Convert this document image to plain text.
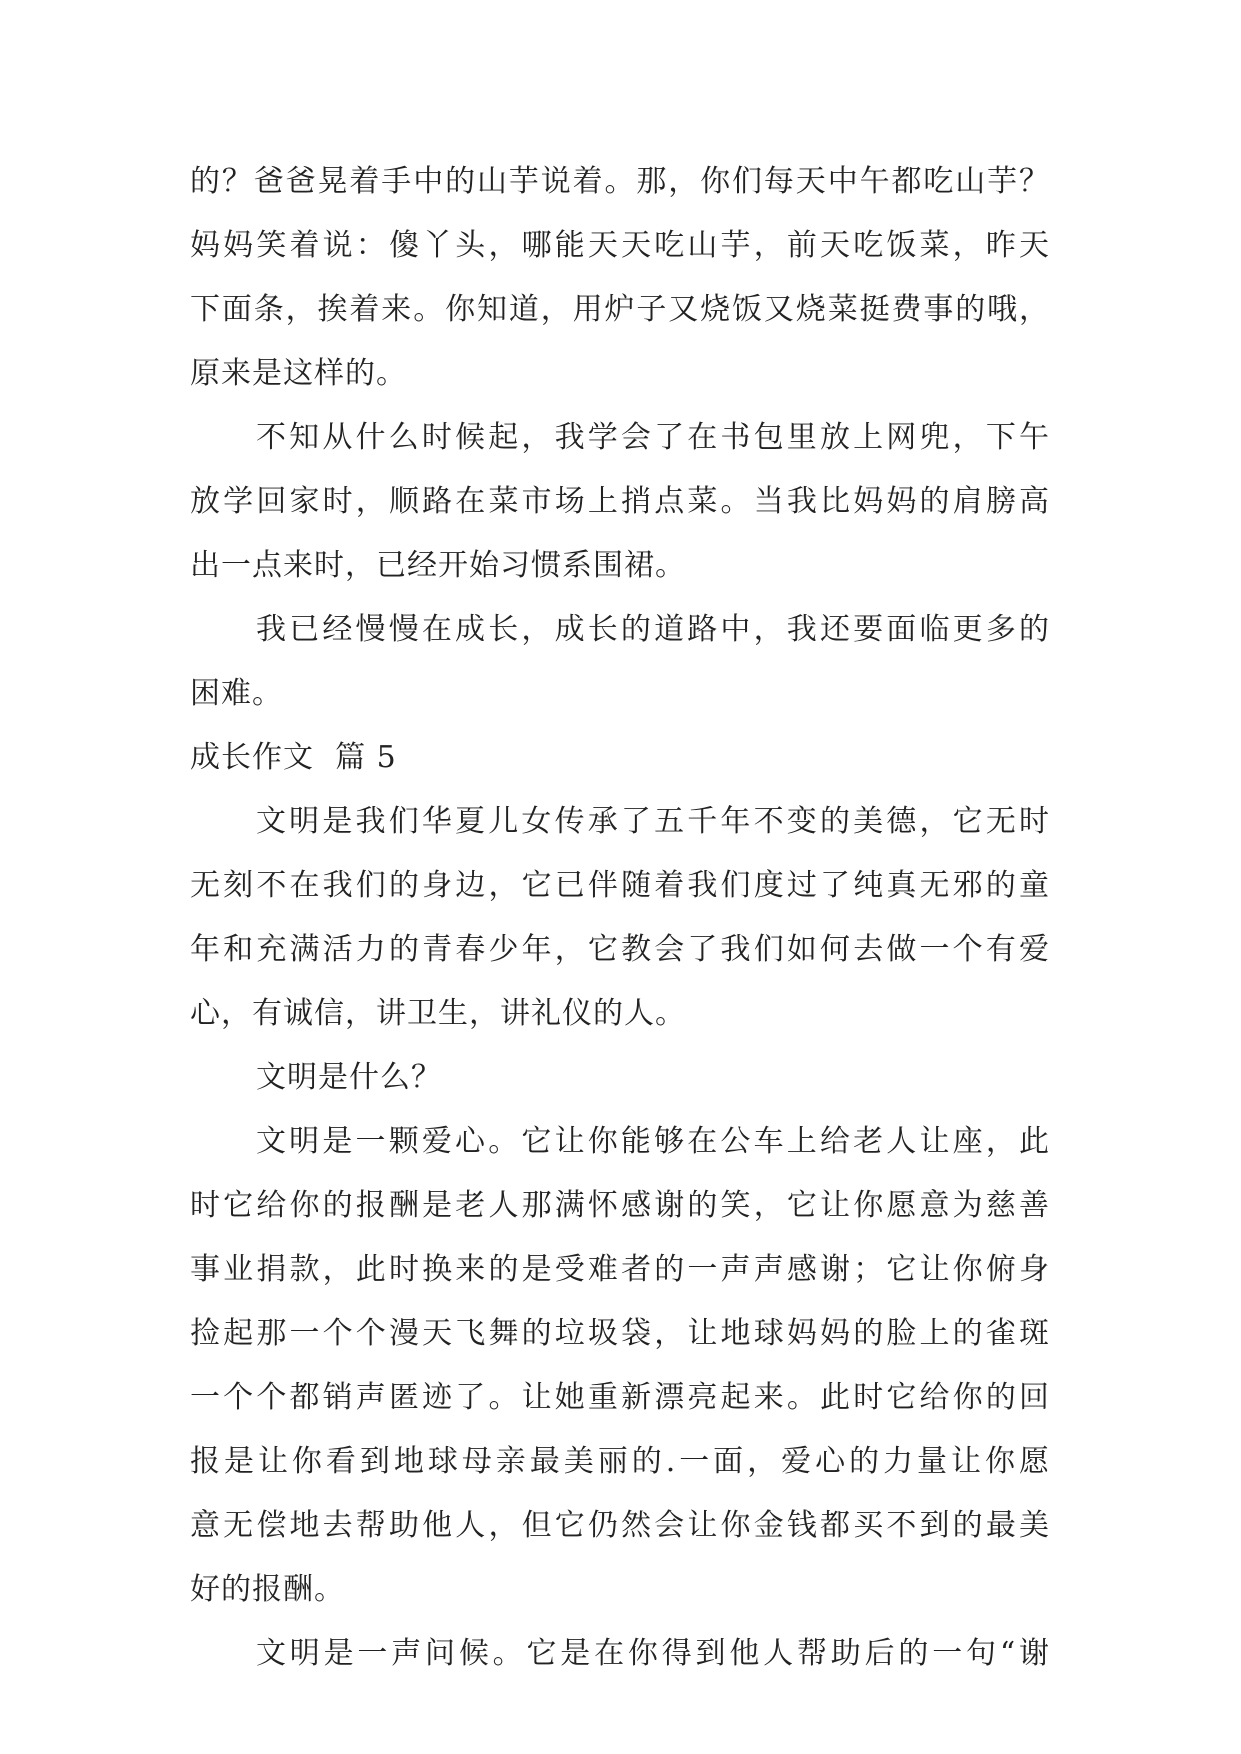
的？爸爸晃着手中的山芋说着。那，你们每天中午都吃山芋？
妈妈笑着说：傻丫头，哪能天天吃山芋，前天吃饭菜，昨天
下面条，挨着来。你知道，用炉子又烧饭又烧菜挺费事的哦，
原来是这样的。
不知从什么时候起，我学会了在书包里放上网兜，下午
放学回家时，顺路在菜市场上捎点菜。当我比妈妈的肩膀高
出一点来时，已经开始习惯系围裙。
我已经慢慢在成长，成长的道路中，我还要面临更多的
困难。
成长作文  篇 5
文明是我们华夏儿女传承了五千年不变的美德，它无时
无刻不在我们的身边，它已伴随着我们度过了纯真无邪的童
年和充满活力的青春少年，它教会了我们如何去做一个有爱
心，有诚信，讲卫生，讲礼仪的人。
文明是什么？
文明是一颗爱心。它让你能够在公车上给老人让座，此
时它给你的报酬是老人那满怀感谢的笑，它让你愿意为慈善
事业捐款，此时换来的是受难者的一声声感谢；它让你俯身
捡起那一个个漫天飞舞的垃圾袋，让地球妈妈的脸上的雀斑
一个个都销声匿迹了。让她重新漂亮起来。此时它给你的回
报是让你看到地球母亲最美丽的.一面，爱心的力量让你愿
意无偿地去帮助他人，但它仍然会让你金钱都买不到的最美
好的报酬。
文明是一声问候。它是在你得到他人帮助后的一句“谢
